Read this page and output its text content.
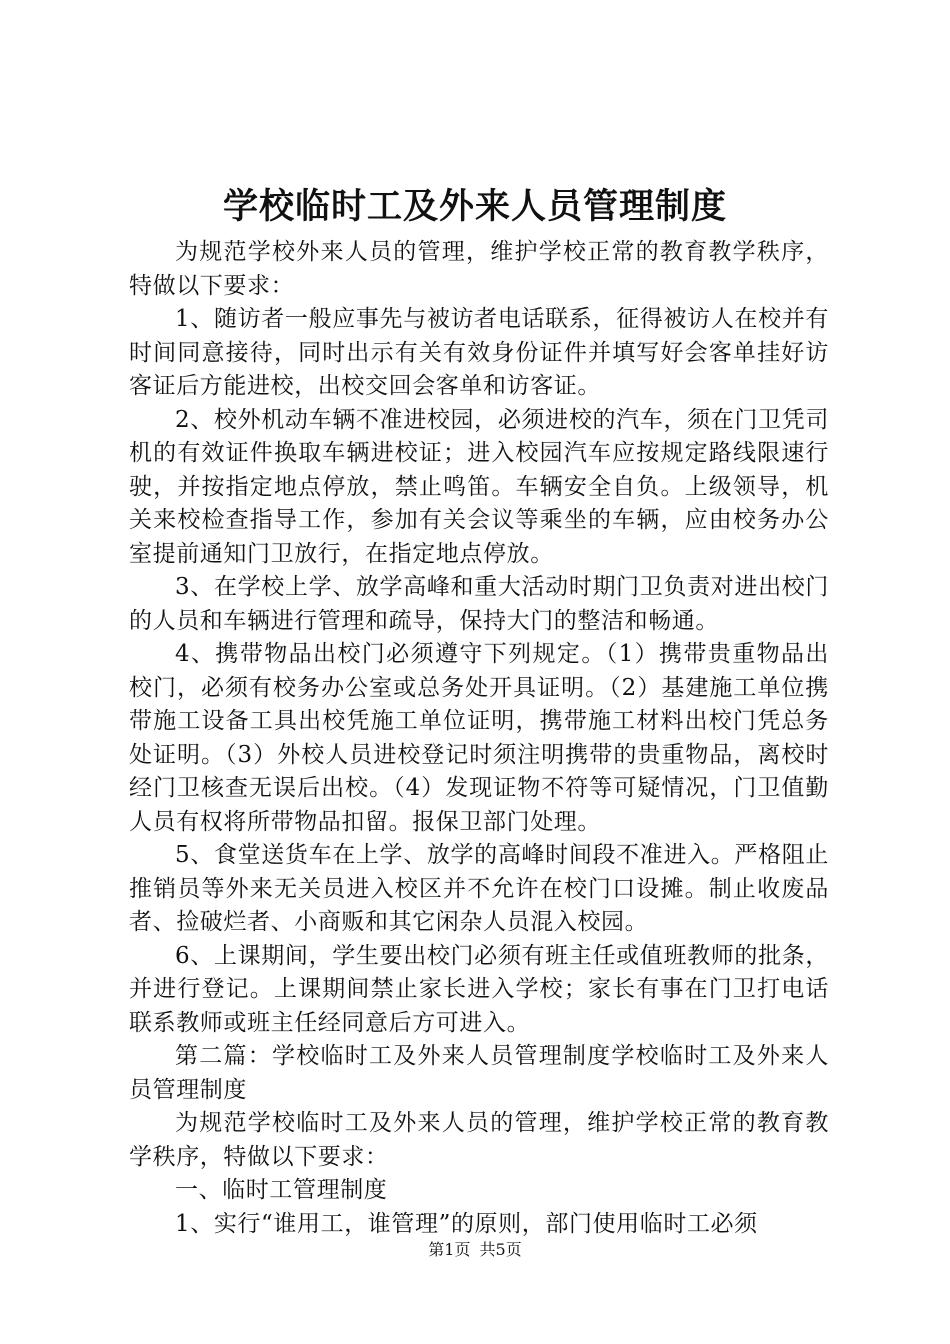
学校临时工及外来人员管理制度

为规范学校外来人员的管理，维护学校正常的教育教学秩序，特做以下要求：

1、随访者一般应事先与被访者电话联系，征得被访人在校并有时间同意接待，同时出示有关有效身份证件并填写好会客单挂好访客证后方能进校，出校交回会客单和访客证。

2、校外机动车辆不准进校园，必须进校的汽车，须在门卫凭司机的有效证件换取车辆进校证；进入校园汽车应按规定路线限速行驶，并按指定地点停放，禁止鸣笛。车辆安全自负。上级领导，机关来校检查指导工作，参加有关会议等乘坐的车辆，应由校务办公室提前通知门卫放行，在指定地点停放。

3、在学校上学、放学高峰和重大活动时期门卫负责对进出校门的人员和车辆进行管理和疏导，保持大门的整洁和畅通。

4、携带物品出校门必须遵守下列规定。（1）携带贵重物品出校门，必须有校务办公室或总务处开具证明。（2）基建施工单位携带施工设备工具出校凭施工单位证明，携带施工材料出校门凭总务处证明。（3）外校人员进校登记时须注明携带的贵重物品，离校时经门卫核查无误后出校。（4）发现证物不符等可疑情况，门卫值勤人员有权将所带物品扣留。报保卫部门处理。

5、食堂送货车在上学、放学的高峰时间段不准进入。严格阻止推销员等外来无关员进入校区并不允许在校门口设摊。制止收废品者、捡破烂者、小商贩和其它闲杂人员混入校园。

6、上课期间，学生要出校门必须有班主任或值班教师的批条，并进行登记。上课期间禁止家长进入学校；家长有事在门卫打电话联系教师或班主任经同意后方可进入。

第二篇：学校临时工及外来人员管理制度学校临时工及外来人员管理制度

为规范学校临时工及外来人员的管理，维护学校正常的教育教学秩序，特做以下要求：

一、临时工管理制度

1、实行“谁用工，谁管理”的原则，部门使用临时工必须

第1页 共5页
